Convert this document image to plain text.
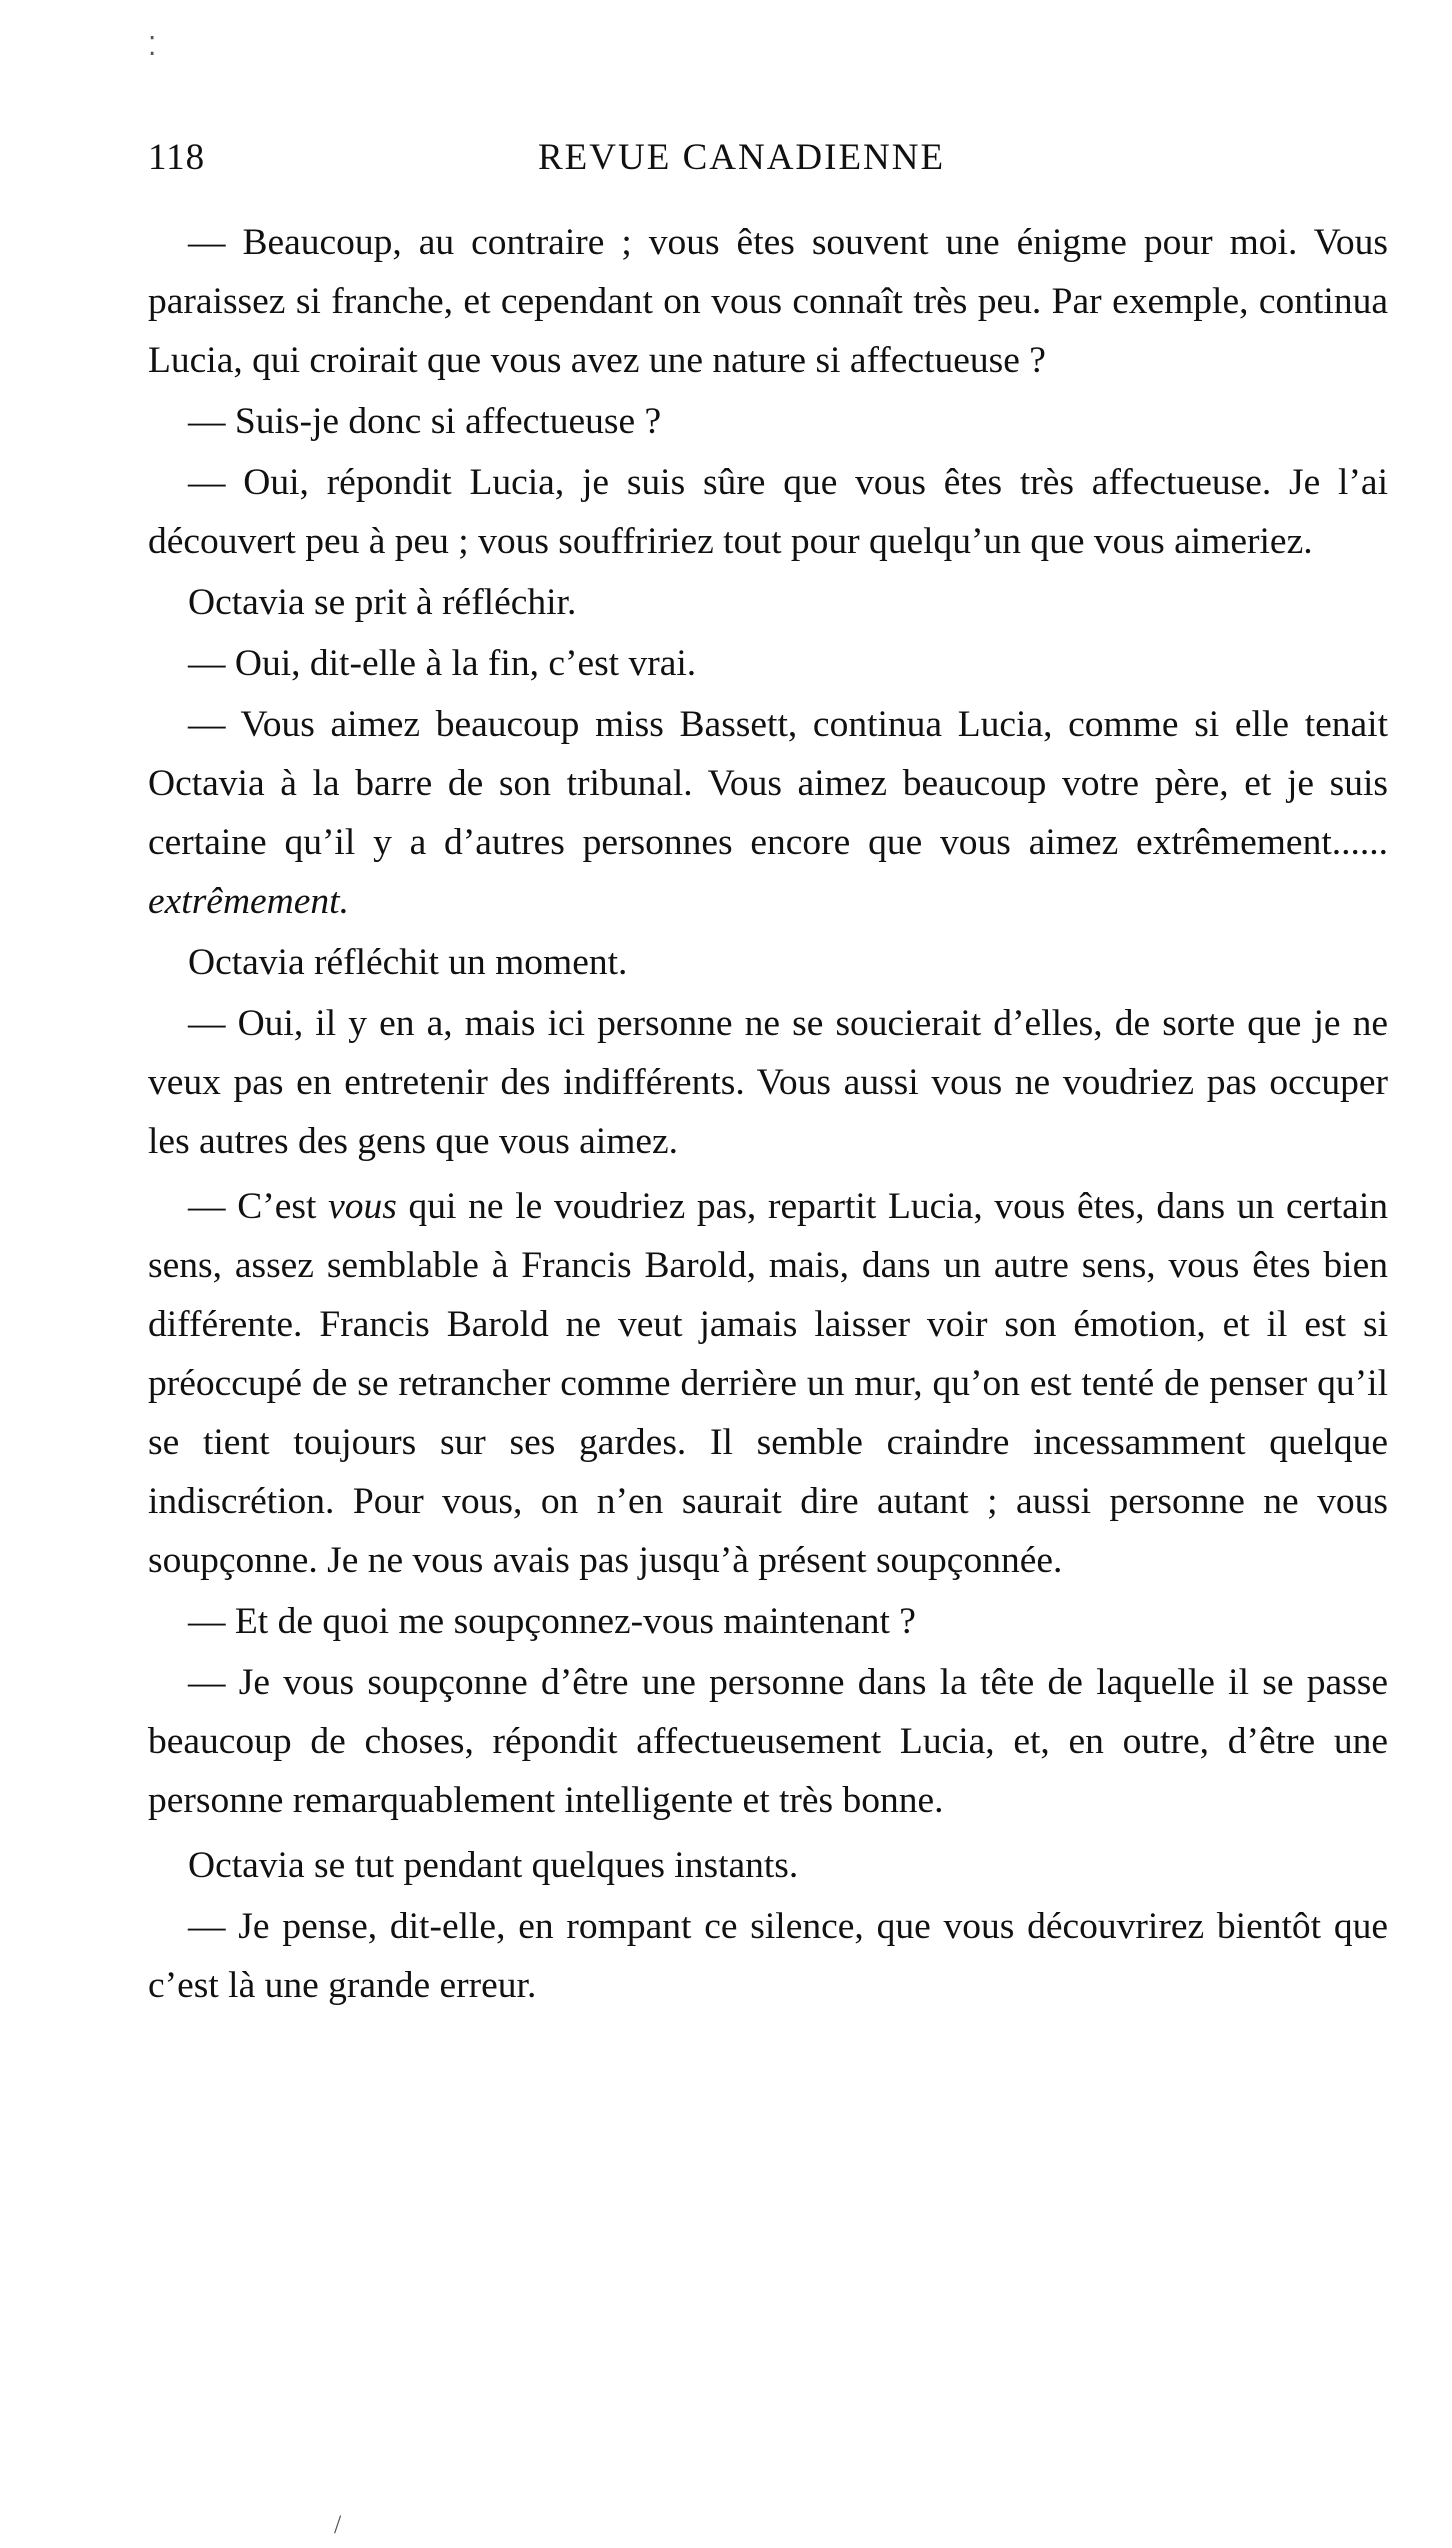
118	REVUE CANADIENNE

— Beaucoup, au contraire ; vous êtes souvent une énigme pour moi. Vous paraissez si franche, et cependant on vous connaît très peu. Par exemple, continua Lucia, qui croirait que vous avez une nature si affectueuse ?

— Suis-je donc si affectueuse ?

— Oui, répondit Lucia, je suis sûre que vous êtes très affectueuse. Je l’ai découvert peu à peu ; vous souffririez tout pour quelqu’un que vous aimeriez.

Octavia se prit à réfléchir.

— Oui, dit-elle à la fin, c’est vrai.

— Vous aimez beaucoup miss Bassett, continua Lucia, comme si elle tenait Octavia à la barre de son tribunal. Vous aimez beaucoup votre père, et je suis certaine qu’il y a d’autres personnes encore que vous aimez extrêmement...... extrêmement.

Octavia réfléchit un moment.

— Oui, il y en a, mais ici personne ne se soucierait d’elles, de sorte que je ne veux pas en entretenir des indifférents. Vous aussi vous ne voudriez pas occuper les autres des gens que vous aimez.

— C’est vous qui ne le voudriez pas, repartit Lucia, vous êtes, dans un certain sens, assez semblable à Francis Barold, mais, dans un autre sens, vous êtes bien différente. Francis Barold ne veut jamais laisser voir son émotion, et il est si préoccupé de se retrancher comme derrière un mur, qu’on est tenté de penser qu’il se tient toujours sur ses gardes. Il semble craindre incessamment quelque indiscrétion. Pour vous, on n’en saurait dire autant ; aussi personne ne vous soupçonne. Je ne vous avais pas jusqu’à présent soupçonnée.

— Et de quoi me soupçonnez-vous maintenant ?

— Je vous soupçonne d’être une personne dans la tête de laquelle il se passe beaucoup de choses, répondit affectueusement Lucia, et, en outre, d’être une personne remarquablement intelligente et très bonne.

Octavia se tut pendant quelques instants.

— Je pense, dit-elle, en rompant ce silence, que vous découvrirez bientôt que c’est là une grande erreur.

⁚
/
